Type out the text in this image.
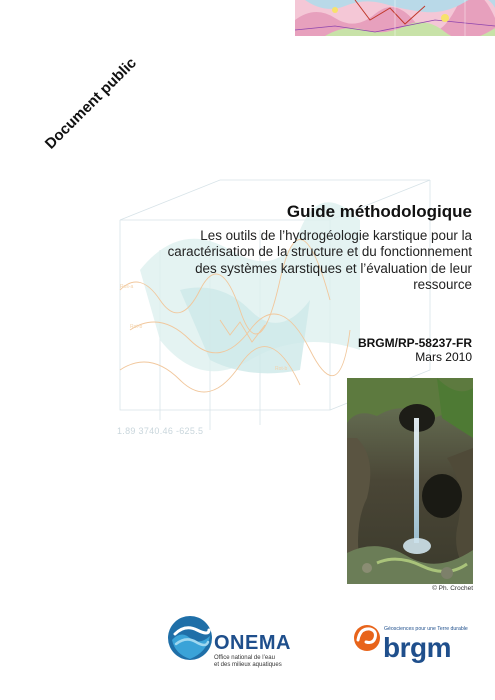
Ros-a
Rot-b
Rot-b
Document public
Guide méthodologique
Les outils de l’hydrogéologie karstique pour la
caractérisation de la structure et du fonctionnement
des systèmes karstiques et l’évaluation de leur
ressource
BRGM/RP-58237-FR
Mars 2010
1.89 3740.46 -625.5
© Ph. Crochet
ONEMA
Office national de l’eau
et des milieux aquatiques
Géosciences pour une Terre durable
brgm
